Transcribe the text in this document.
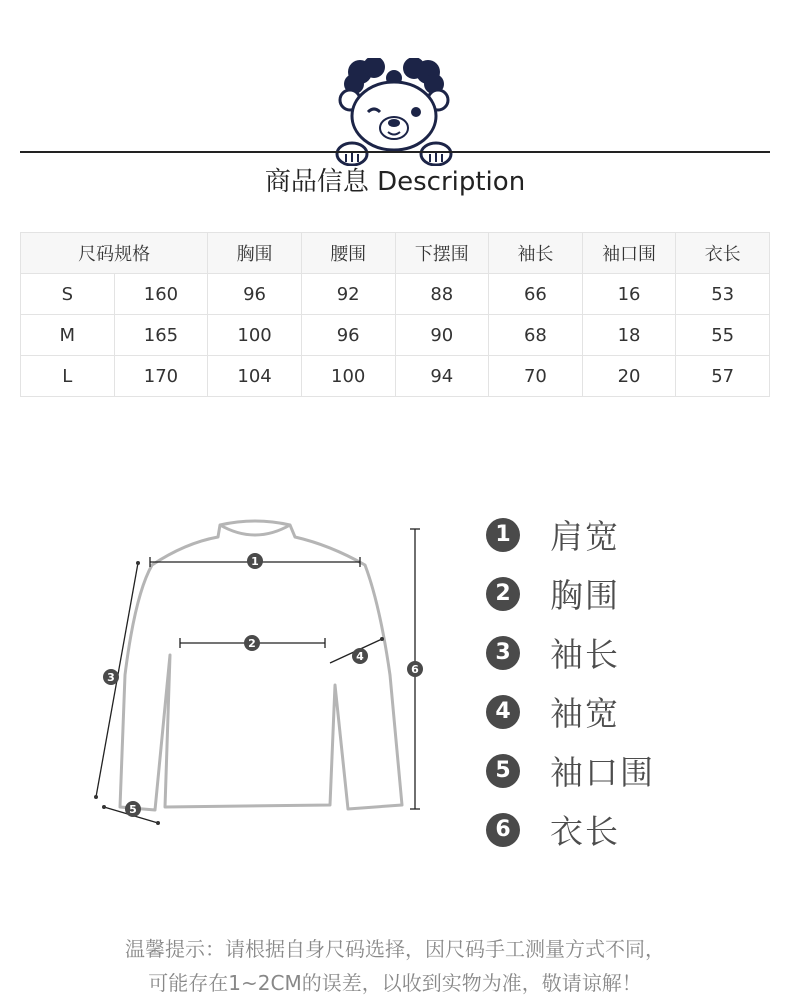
商品信息 Description
尺码规格		胸围	腰围	下摆围	袖长	袖口围	衣长
S	160	96	92	88	66	16	53
M	165	100	96	90	68	18	55
L	170	104	100	94	70	20	57
1
2
3
4
5
6
1 肩宽
2 胸围
3 袖长
4 袖宽
5 袖口围
6 衣长

温馨提示：请根据自身尺码选择，因尺码手工测量方式不同，

可能存在1~2CM的误差，以收到实物为准，敬请谅解！
